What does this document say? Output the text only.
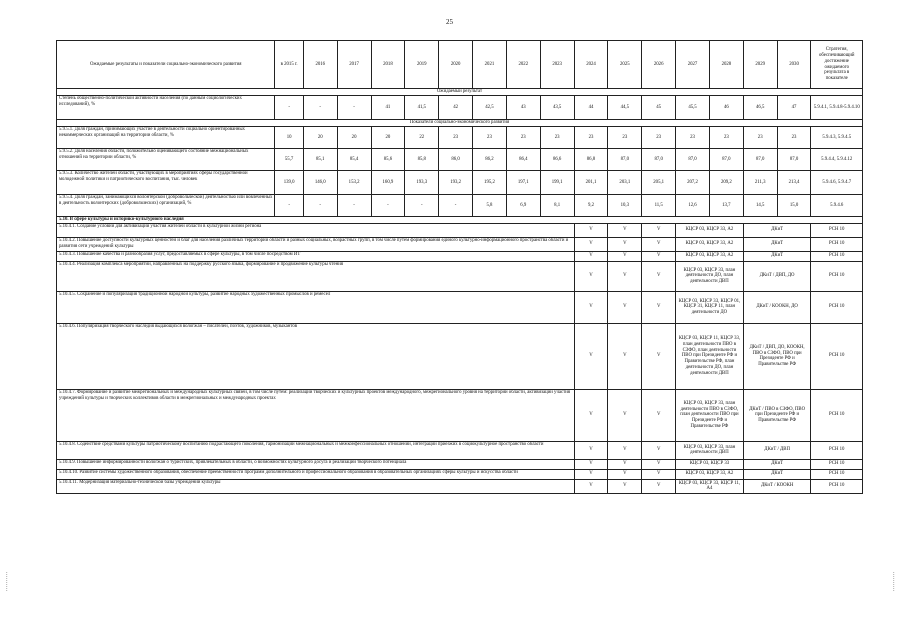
25
Ожидаемые результаты и показатели социально-экономического развития	в 2015 г.	2016	2017	2018	2019	2020	2021	2022	2023	2024	2025	2026	2027	2028	2029	2030	Стратегия, обеспечивающий достижение ожидаемого результата в показателе
Ожидаемый результат																	
Степень общественно-политической активности населения (по данным социологических исследований), %	-	-	-	41	41,5	42	42,5	43	43,5	44	44,5	45	45,5	46	46,5	47	5.9.4.1, 5.9.4.8-5.9.4.10
Показатели социально-экономического развития																	
5.9.5.1. Доля граждан, принимающих участие в деятельности социально ориентированных некоммерческих организаций на территории области, %	10	20	20	20	22	23	23	23	23	23	23	23	23	23	23	23	5.9.4.3, 5.9.4.5
5.9.5.2. Доля населения области, положительно оценивающего состояние межнациональных отношений на территории области, %	55,7	85,1	85,4	85,6	85,8	86,0	86,2	86,4	86,6	86,8	87,0	87,0	87,0	87,0	87,0	87,0	5.9.4.4, 5.9.4.12
5.9.5.3. Количество жителей области, участвующих в мероприятиях сферы государственной молодежной политики и патриотического воспитания, тыс. человек	139,0	146,0	153,2	160,9	193,3	193,2	195,2	197,1	199,1	201,1	203,1	205,1	207,2	209,2	211,3	213,4	5.9.4.6, 5.9.4.7
5.9.5.4. Доля граждан, занимающихся волонтерской (добровольческой) деятельностью или вовлеченных в деятельность волонтерских (добровольческих) организаций, %	-	-	-	-	-	-	5,8	6,9	8,1	9,2	10,3	11,5	12,6	13,7	14,5	15,0	5.9.4.6
5.10. В сфере культуры и историко-культурного наследия																	
5.10.4.1. Создание условий для активизации участия жителей области в культурной жизни региона										V	V	V	КЦСР 03, КЦСР 33, А2		ДКиТ		РСН 10
5.10.4.2. Повышение доступности культурных ценностей и благ для населения различных территорий области и разных социальных, возрастных групп, в том числе путем формирования единого культурно-информационного пространства области и развития сети учреждений культуры										V	V	V	КЦСР 03, КЦСР 33, А2		ДКиТ		РСН 10
5.10.4.3. Повышение качества и разнообразия услуг, предоставляемых в сфере культуры, в том числе посредством ИТ										V	V	V	КЦСР 03, КЦСР 33, А2		ДКиТ		РСН 10
5.10.4.4. Реализация комплекса мероприятий, направленных на поддержку русского языка, формирование и продвижение культуры чтения										V	V	V	КЦСР 03, КЦСР 33, план деятельности ДО, план деятельности ДВП		ДКиТ / ДВП, ДО		РСН 10
5.10.4.5. Сохранение и популяризация традиционной народной культуры, развитие народных художественных промыслов и ремесел										V	V	V	КЦСР 03, КЦСР 33, КЦСР 01, КЦСР 31, КЦСР 11, план деятельности ДО		ДКиТ / КООКН, ДО		РСН 10
5.10.4.6. Популяризация творческого наследия выдающихся вологжан – писателей, поэтов, художников, музыкантов										V	V	V	КЦСР 03, КЦСР 11, КЦСР 33, план деятельности ПВО в СЗФО, план деятельности ПВО при Президенте РФ и Правительстве РФ, план деятельности ДО, план деятельности ДВП		ДКиТ / ДВП, ДО, КООКН, ПВО в СЗФО, ПВО при Президенте РФ и Правительстве РФ		РСН 10
5.10.4.7. Формирование и развитие межрегиональных и международных культурных связей, в том числе путем: реализации творческих и культурных проектов международного, межрегионального уровня на территории области, активизации участия учреждений культуры и творческих коллективов области в межрегиональных и международных проектах										V	V	V	КЦСР 03, КЦСР 33, план деятельности ПВО в СЗФО, план деятельности ПВО при Президенте РФ и Правительстве РФ		ДКиТ / ПВО в СЗФО, ПВО при Президенте РФ и Правительстве РФ		РСН 10
5.10.4.8. Содействие средствами культуры патриотическому воспитанию подрастающего поколения, гармонизации межнациональных и межконфессиональных отношений, интеграции приезжих в социокультурное пространство области										V	V	V	КЦСР 03, КЦСР 33, план деятельности ДВП		ДКиТ / ДВП		РСН 10
5.10.4.9. Повышение информированности вологжан о туристских, привлекательных в области, о возможностях культурного досуга и реализации творческого потенциала										V	V	V	КЦСР 03, КЦСР 33		ДКиТ		РСН 10
5.10.4.10. Развитие системы художественного образования, обеспечение преемственности программ дополнительного и профессионального образования в образовательных организациях сферы культуры и искусства области										V	V	V	КЦСР 03, КЦСР 33, А2		ДКиТ		РСН 10
5.10.4.11. Модернизация материально-технической базы учреждений культуры										V	V	V	КЦСР 03, КЦСР 33, КЦСР 11, А4		ДКиТ / КООКН		РСН 10
:
:
:
:
:
:
:
:
:
:
